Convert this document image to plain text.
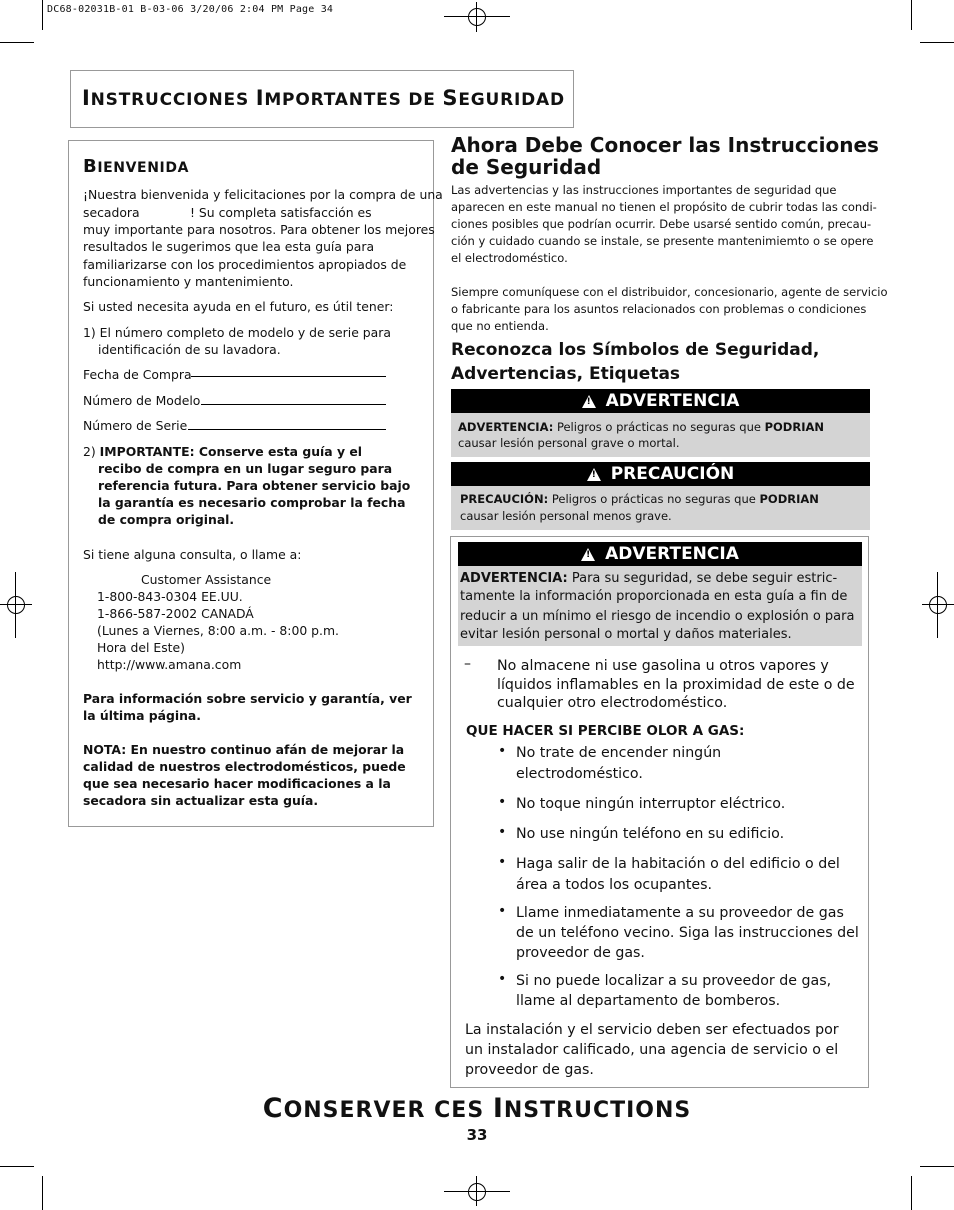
DC68-02031B-01 B-03-06 3/20/06 2:04 PM Page 34
INSTRUCCIONES IMPORTANTES DE SEGURIDAD
BIENVENIDA
¡Nuestra bienvenida y felicitaciones por la compra de una
secadora	! Su completa satisfacción es
muy importante para nosotros. Para obtener los mejores
resultados le sugerimos que lea esta guía para
familiarizarse con los procedimientos apropiados de
funcionamiento y mantenimiento.
Si usted necesita ayuda en el futuro, es útil tener:
1) El número completo de modelo y de serie para
identificación de su lavadora.
Fecha de Compra
Número de Modelo
Número de Serie
2) IMPORTANTE: Conserve esta guía y el
recibo de compra en un lugar seguro para
referencia futura. Para obtener servicio bajo
la garantía es necesario comprobar la fecha
de compra original.
Si tiene alguna consulta, o llame a:
Customer Assistance
1-800-843-0304 EE.UU.
1-866-587-2002 CANADÁ
(Lunes a Viernes, 8:00 a.m. - 8:00 p.m.
Hora del Este)
http://www.amana.com
Para información sobre servicio y garantía, ver
la última página.
NOTA: En nuestro continuo afán de mejorar la
calidad de nuestros electrodomésticos, puede
que sea necesario hacer modificaciones a la
secadora sin actualizar esta guía.
Ahora Debe Conocer las Instrucciones
de Seguridad
Las advertencias y las instrucciones importantes de seguridad que
aparecen en este manual no tienen el propósito de cubrir todas las condi-
ciones posibles que podrían ocurrir. Debe usarsé sentido común, precau-
ción y cuidado cuando se instale, se presente mantenimiemto o se opere
el electrodoméstico.
Siempre comuníquese con el distribuidor, concesionario, agente de servicio
o fabricante para los asuntos relacionados con problemas o condiciones
que no entienda.
Reconozca los Símbolos de Seguridad,
Advertencias, Etiquetas
!
ADVERTENCIA
ADVERTENCIA: Peligros o prácticas no seguras que PODRIAN
causar lesión personal grave o mortal.
!
PRECAUCIÓN
PRECAUCIÓN: Peligros o prácticas no seguras que PODRIAN
causar lesión personal menos grave.
!
ADVERTENCIA
ADVERTENCIA: Para su seguridad, se debe seguir estric-
tamente la información proporcionada en esta guía a fin de
reducir a un mínimo el riesgo de incendio o explosión o para
evitar lesión personal o mortal y daños materiales.
– No almacene ni use gasolina u otros vapores y
líquidos inflamables en la proximidad de este o de
cualquier otro electrodoméstico.
QUE HACER SI PERCIBE OLOR A GAS:
• No trate de encender ningún
electrodoméstico.
• No toque ningún interruptor eléctrico.
• No use ningún teléfono en su edificio.
• Haga salir de la habitación o del edificio o del
área a todos los ocupantes.
• Llame inmediatamente a su proveedor de gas
de un teléfono vecino. Siga las instrucciones del
proveedor de gas.
• Si no puede localizar a su proveedor de gas,
llame al departamento de bomberos.
La instalación y el servicio deben ser efectuados por
un instalador calificado, una agencia de servicio o el
proveedor de gas.
CONSERVER CES INSTRUCTIONS
33
